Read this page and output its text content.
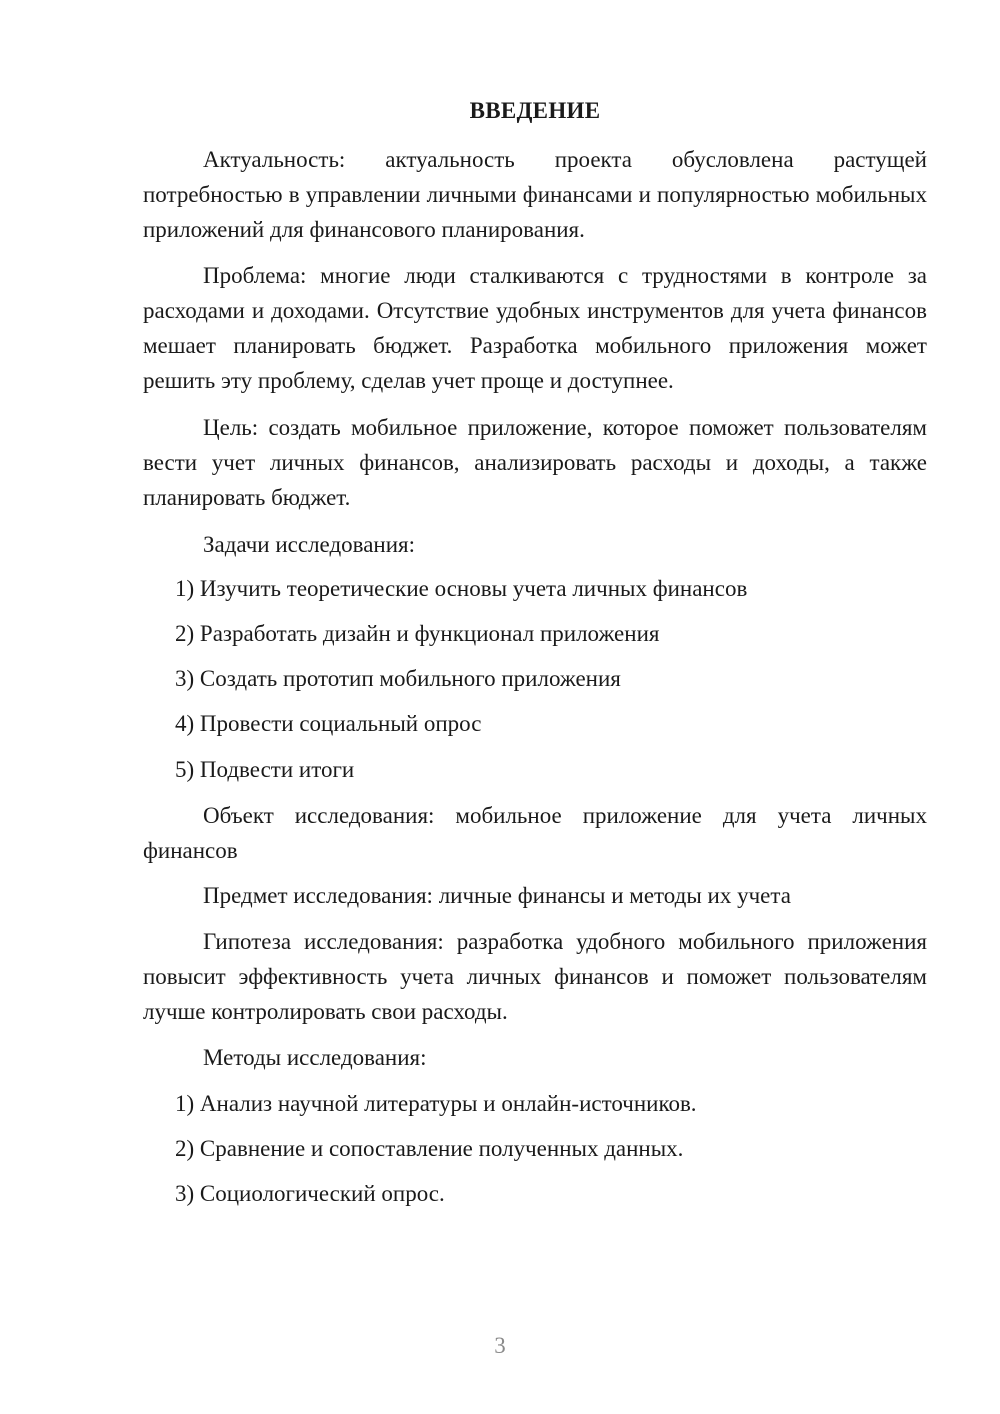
ВВЕДЕНИЕ

Актуальность: актуальность проекта обусловлена растущей потребностью в управлении личными финансами и популярностью мобильных приложений для финансового планирования.

Проблема: многие люди сталкиваются с трудностями в контроле за расходами и доходами. Отсутствие удобных инструментов для учета финансов мешает планировать бюджет. Разработка мобильного приложения может решить эту проблему, сделав учет проще и доступнее.

Цель: создать мобильное приложение, которое поможет пользователям вести учет личных финансов, анализировать расходы и доходы, а также планировать бюджет.

Задачи исследования:

1) Изучить теоретические основы учета личных финансов

2) Разработать дизайн и функционал приложения

3) Создать прототип мобильного приложения

4) Провести социальный опрос

5) Подвести итоги

Объект исследования: мобильное приложение для учета личных финансов

Предмет исследования: личные финансы и методы их учета

Гипотеза исследования: разработка удобного мобильного приложения повысит эффективность учета личных финансов и поможет пользователям лучше контролировать свои расходы.

Методы исследования:

1) Анализ научной литературы и онлайн-источников.

2) Сравнение и сопоставление полученных данных.

3) Социологический опрос.

3
